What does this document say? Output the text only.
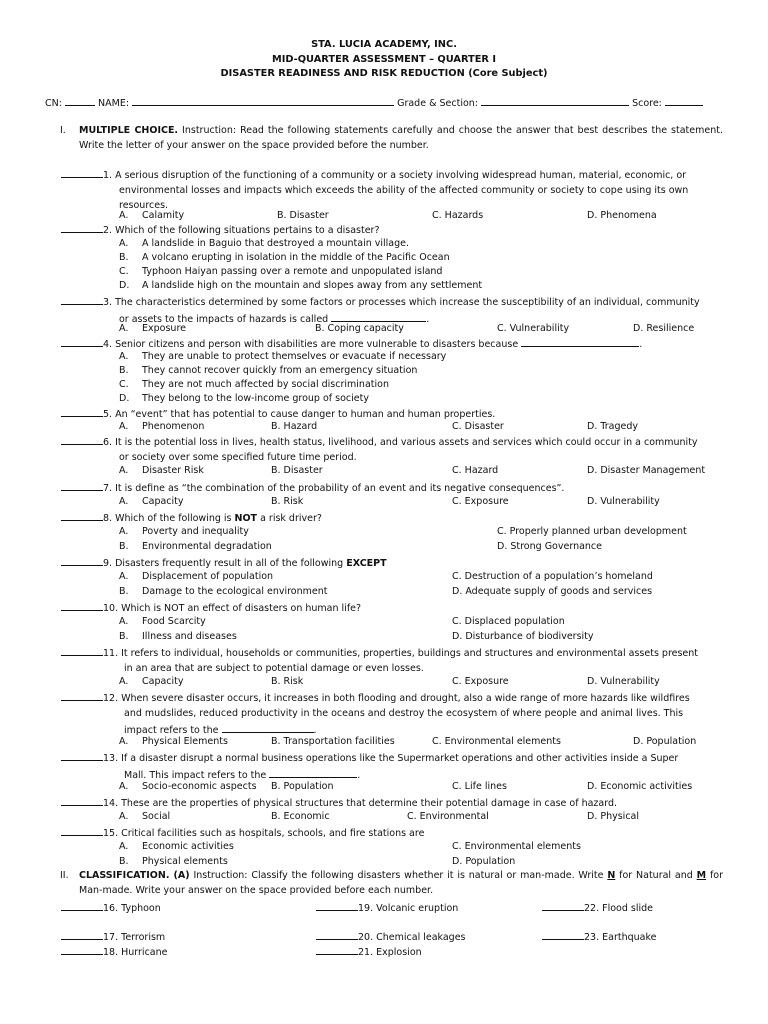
STA. LUCIA ACADEMY, INC.
MID-QUARTER ASSESSMENT – QUARTER I
DISASTER READINESS AND RISK REDUCTION (Core Subject)
CN:	NAME:	Grade & Section:	Score:
I. MULTIPLE CHOICE. Instruction: Read the following statements carefully and choose the answer that best describes the statement. Write the letter of your answer on the space provided before the number.
1. A serious disruption of the functioning of a community or a society involving widespread human, material, economic, or
environmental losses and impacts which exceeds the ability of the affected community or society to cope using its own
resources.
A. Calamity	B. Disaster	C. Hazards	D. Phenomena
2. Which of the following situations pertains to a disaster?
A. A landslide in Baguio that destroyed a mountain village.
B. A volcano erupting in isolation in the middle of the Pacific Ocean
C. Typhoon Haiyan passing over a remote and unpopulated island
D. A landslide high on the mountain and slopes away from any settlement
3. The characteristics determined by some factors or processes which increase the susceptibility of an individual, community
or assets to the impacts of hazards is called	.
A. Exposure	B. Coping capacity	C. Vulnerability	D. Resilience
4. Senior citizens and person with disabilities are more vulnerable to disasters because	.
A. They are unable to protect themselves or evacuate if necessary
B. They cannot recover quickly from an emergency situation
C. They are not much affected by social discrimination
D. They belong to the low-income group of society
5. An “event” that has potential to cause danger to human and human properties.
A. Phenomenon	B. Hazard	C. Disaster	D. Tragedy
6. It is the potential loss in lives, health status, livelihood, and various assets and services which could occur in a community
or society over some specified future time period.
A. Disaster Risk	B. Disaster	C. Hazard	D. Disaster Management
7. It is define as “the combination of the probability of an event and its negative consequences”.
A. Capacity	B. Risk	C. Exposure	D. Vulnerability
8. Which of the following is NOT a risk driver?
A. Poverty and inequality	C. Properly planned urban development
B. Environmental degradation	D. Strong Governance
9. Disasters frequently result in all of the following EXCEPT
A. Displacement of population	C. Destruction of a population’s homeland
B. Damage to the ecological environment	D. Adequate supply of goods and services
10. Which is NOT an effect of disasters on human life?
A. Food Scarcity	C. Displaced population
B. Illness and diseases	D. Disturbance of biodiversity
11. It refers to individual, households or communities, properties, buildings and structures and environmental assets present
in an area that are subject to potential damage or even losses.
A. Capacity	B. Risk	C. Exposure	D. Vulnerability
12. When severe disaster occurs, it increases in both flooding and drought, also a wide range of more hazards like wildfires
and mudslides, reduced productivity in the oceans and destroy the ecosystem of where people and animal lives. This
impact refers to the	.
A. Physical Elements	B. Transportation facilities	C. Environmental elements	D. Population
13. If a disaster disrupt a normal business operations like the Supermarket operations and other activities inside a Super
Mall. This impact refers to the	.
A. Socio-economic aspects B. Population	C. Life lines	D. Economic activities
14. These are the properties of physical structures that determine their potential damage in case of hazard.
A. Social	B. Economic	C. Environmental	D. Physical
15. Critical facilities such as hospitals, schools, and fire stations are
A. Economic activities	C. Environmental elements
B. Physical elements	D. Population
II. CLASSIFICATION. (A) Instruction: Classify the following disasters whether it is natural or man-made. Write N for Natural and M for Man-made. Write your answer on the space provided before each number.
16. Typhoon	19. Volcanic eruption	22. Flood slide
17. Terrorism	20. Chemical leakages	23. Earthquake
18. Hurricane	21. Explosion
